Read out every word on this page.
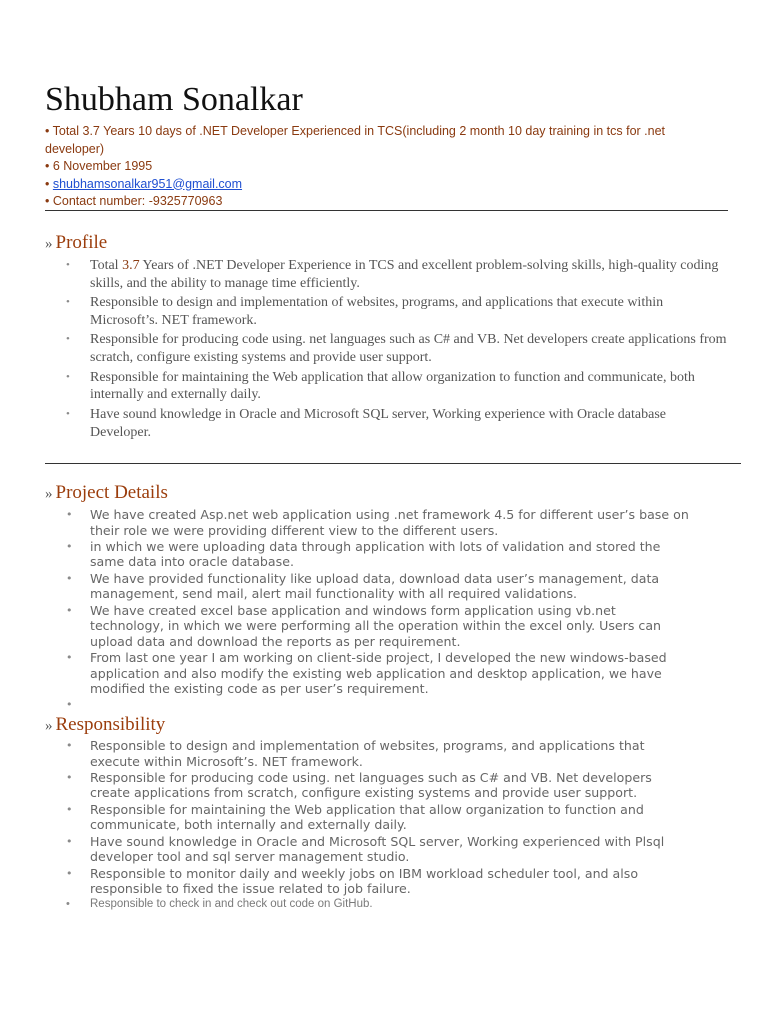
Shubham Sonalkar
• Total 3.7 Years 10 days of .NET Developer Experienced in TCS(including 2 month 10 day training in tcs for .net developer)
• 6 November 1995
• shubhamsonalkar951@gmail.com
• Contact number: -9325770963
» Profile
• Total 3.7 Years of .NET Developer Experience in TCS and excellent problem-solving skills, high-quality coding skills, and the ability to manage time efficiently.
• Responsible to design and implementation of websites, programs, and applications that execute within Microsoft’s. NET framework.
• Responsible for producing code using. net languages such as C# and VB. Net developers create applications from scratch, configure existing systems and provide user support.
• Responsible for maintaining the Web application that allow organization to function and communicate, both internally and externally daily.
• Have sound knowledge in Oracle and Microsoft SQL server, Working experience with Oracle database Developer.
» Project Details
• We have created Asp.net web application using .net framework 4.5 for different user’s base on their role we were providing different view to the different users.
• in which we were uploading data through application with lots of validation and stored the same data into oracle database.
• We have provided functionality like upload data, download data user’s management, data management, send mail, alert mail functionality with all required validations.
• We have created excel base application and windows form application using vb.net technology, in which we were performing all the operation within the excel only. Users can upload data and download the reports as per requirement.
• From last one year I am working on client-side project, I developed the new windows-based application and also modify the existing web application and desktop application, we have modified the existing code as per user’s requirement.
•
» Responsibility
• Responsible to design and implementation of websites, programs, and applications that execute within Microsoft’s. NET framework.
• Responsible for producing code using. net languages such as C# and VB. Net developers create applications from scratch, configure existing systems and provide user support.
• Responsible for maintaining the Web application that allow organization to function and communicate, both internally and externally daily.
• Have sound knowledge in Oracle and Microsoft SQL server, Working experienced with Plsql developer tool and sql server management studio.
• Responsible to monitor daily and weekly jobs on IBM workload scheduler tool, and also responsible to fixed the issue related to job failure.
• Responsible to check in and check out code on GitHub.
